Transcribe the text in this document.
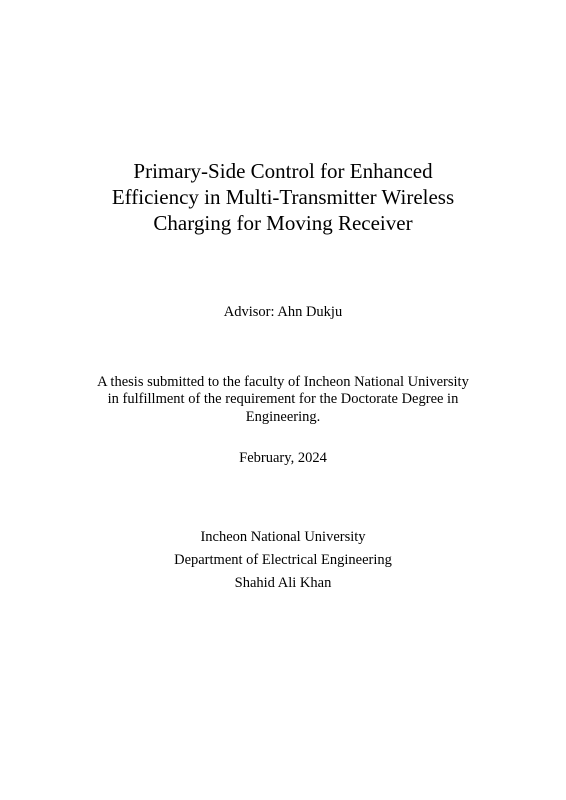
Primary-Side Control for Enhanced
Efficiency in Multi-Transmitter Wireless
Charging for Moving Receiver
Advisor: Ahn Dukju
A thesis submitted to the faculty of Incheon National University
in fulfillment of the requirement for the Doctorate Degree in
Engineering.
February, 2024
Incheon National University
Department of Electrical Engineering
Shahid Ali Khan
